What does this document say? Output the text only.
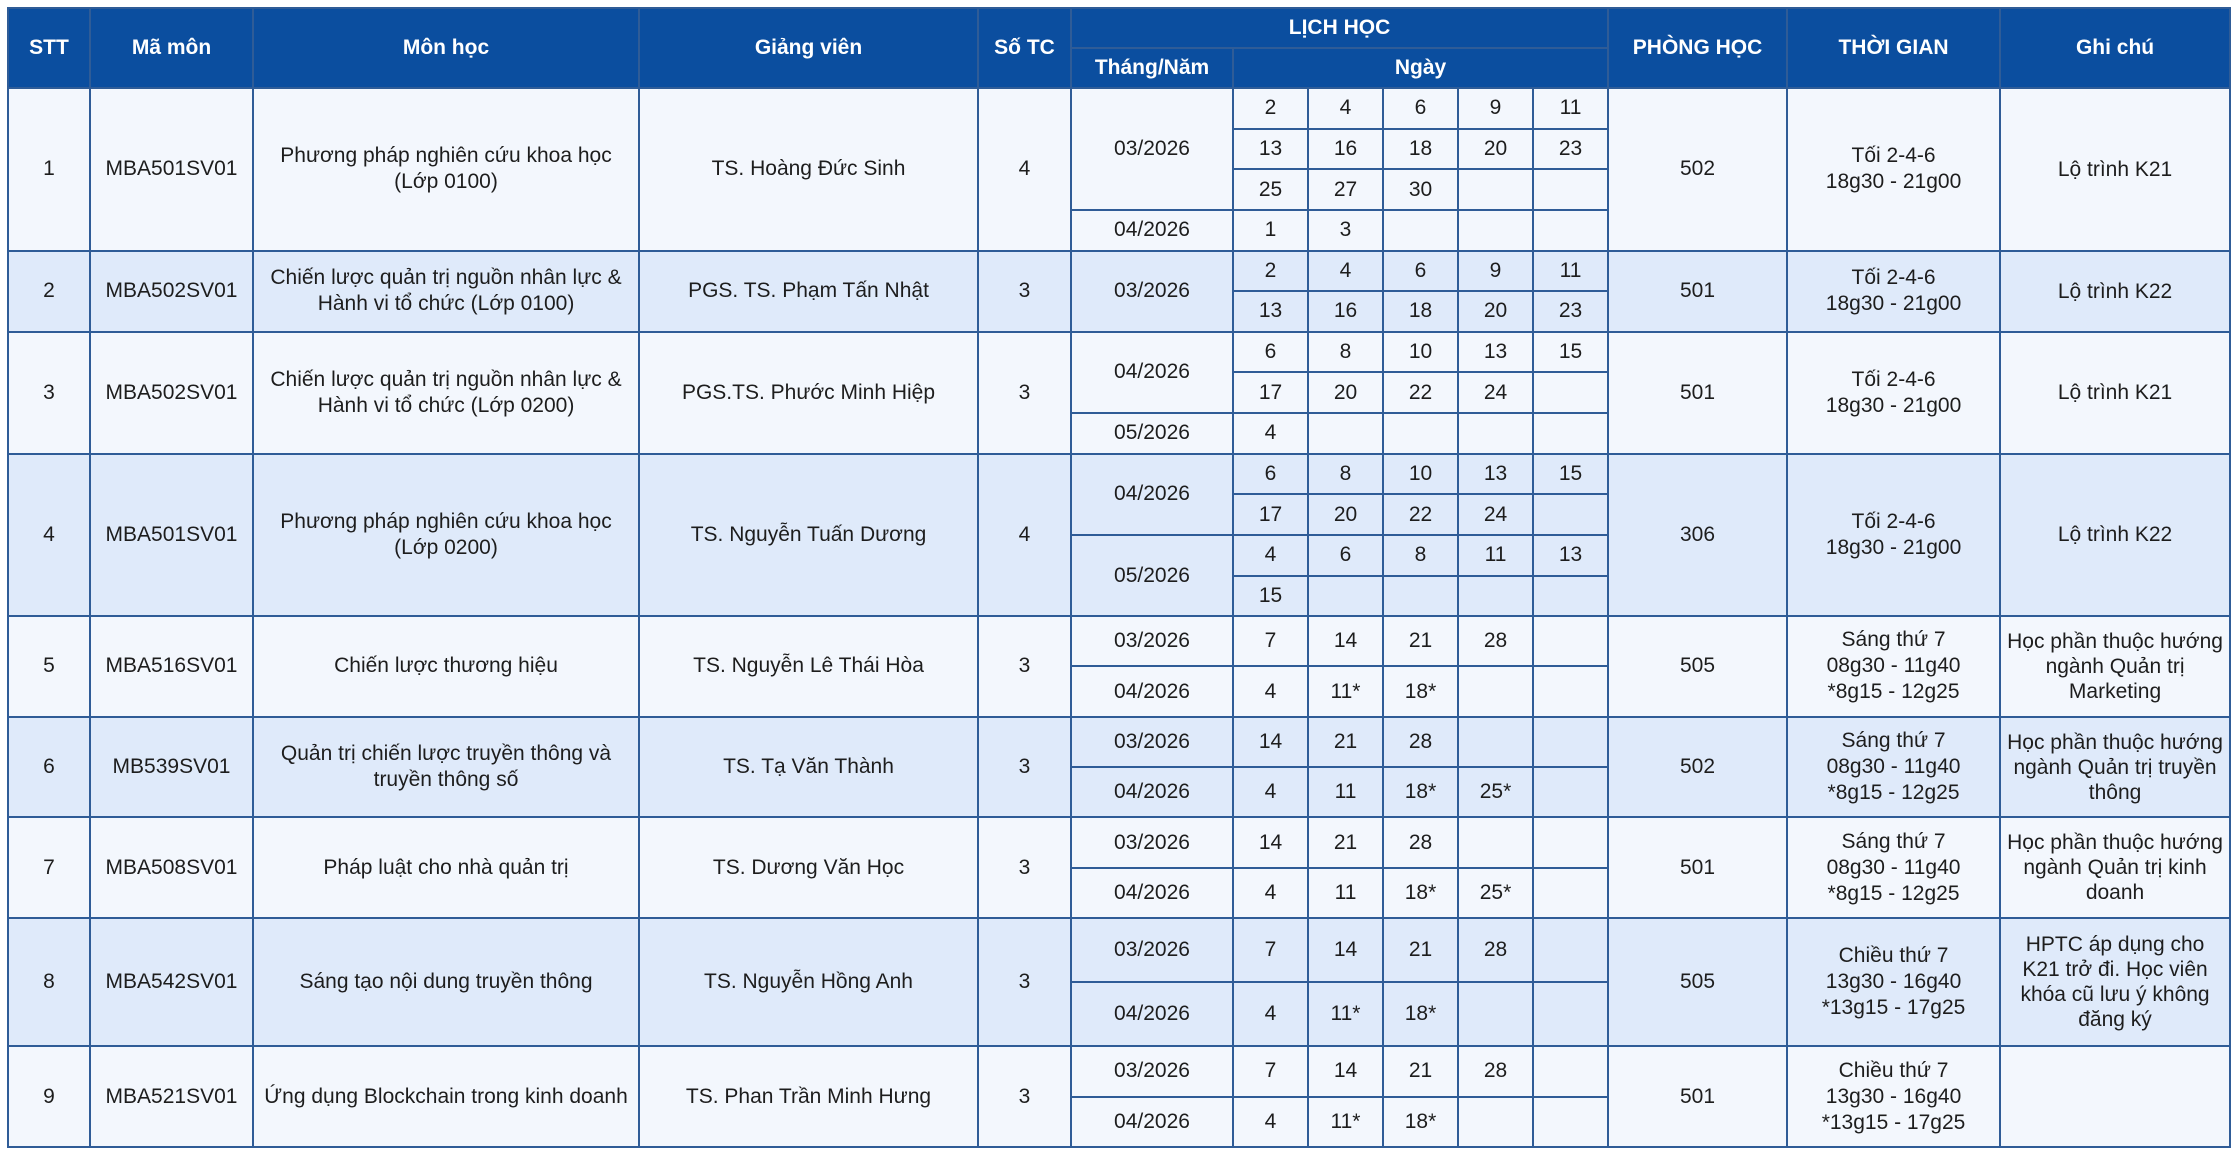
STT	Mã môn	Môn học	Giảng viên	Số TC	LỊCH HỌC						PHÒNG HỌC	THỜI GIAN	Ghi chú
					Tháng/Năm	Ngày							
1	MBA501SV01	Phương pháp nghiên cứu khoa học
(Lớp 0100)	TS. Hoàng Đức Sinh	4	03/2026	2	4	6	9	11	502	Tối 2-4-6
18g30 - 21g00	Lộ trình K21
						13	16	18	20	23			
						25	27	30					
					04/2026	1	3						
2	MBA502SV01	Chiến lược quản trị nguồn nhân lực &
Hành vi tổ chức (Lớp 0100)	PGS. TS. Phạm Tấn Nhật	3	03/2026	2	4	6	9	11	501	Tối 2-4-6
18g30 - 21g00	Lộ trình K22
						13	16	18	20	23			
3	MBA502SV01	Chiến lược quản trị nguồn nhân lực &
Hành vi tổ chức (Lớp 0200)	PGS.TS. Phước Minh Hiệp	3	04/2026	6	8	10	13	15	501	Tối 2-4-6
18g30 - 21g00	Lộ trình K21
						17	20	22	24				
					05/2026	4							
4	MBA501SV01	Phương pháp nghiên cứu khoa học
(Lớp 0200)	TS. Nguyễn Tuấn Dương	4	04/2026	6	8	10	13	15	306	Tối 2-4-6
18g30 - 21g00	Lộ trình K22
						17	20	22	24				
					05/2026	4	6	8	11	13			
						15							
5	MBA516SV01	Chiến lược thương hiệu	TS. Nguyễn Lê Thái Hòa	3	03/2026	7	14	21	28		505	Sáng thứ 7
08g30 - 11g40
*8g15 - 12g25	Học phần thuộc hướng
ngành Quản trị
Marketing
					04/2026	4	11*	18*					
6	MB539SV01	Quản trị chiến lược truyền thông và
truyền thông số	TS. Tạ Văn Thành	3	03/2026	14	21	28			502	Sáng thứ 7
08g30 - 11g40
*8g15 - 12g25	Học phần thuộc hướng
ngành Quản trị truyền
thông
					04/2026	4	11	18*	25*				
7	MBA508SV01	Pháp luật cho nhà quản trị	TS. Dương Văn Học	3	03/2026	14	21	28			501	Sáng thứ 7
08g30 - 11g40
*8g15 - 12g25	Học phần thuộc hướng
ngành Quản trị kinh
doanh
					04/2026	4	11	18*	25*				
8	MBA542SV01	Sáng tạo nội dung truyền thông	TS. Nguyễn Hồng Anh	3	03/2026	7	14	21	28		505	Chiều thứ 7
13g30 - 16g40
*13g15 - 17g25	HPTC áp dụng cho
K21 trở đi. Học viên
khóa cũ lưu ý không
đăng ký
					04/2026	4	11*	18*					
9	MBA521SV01	Ứng dụng Blockchain trong kinh doanh	TS. Phan Trần Minh Hưng	3	03/2026	7	14	21	28		501	Chiều thứ 7
13g30 - 16g40
*13g15 - 17g25	
					04/2026	4	11*	18*					
